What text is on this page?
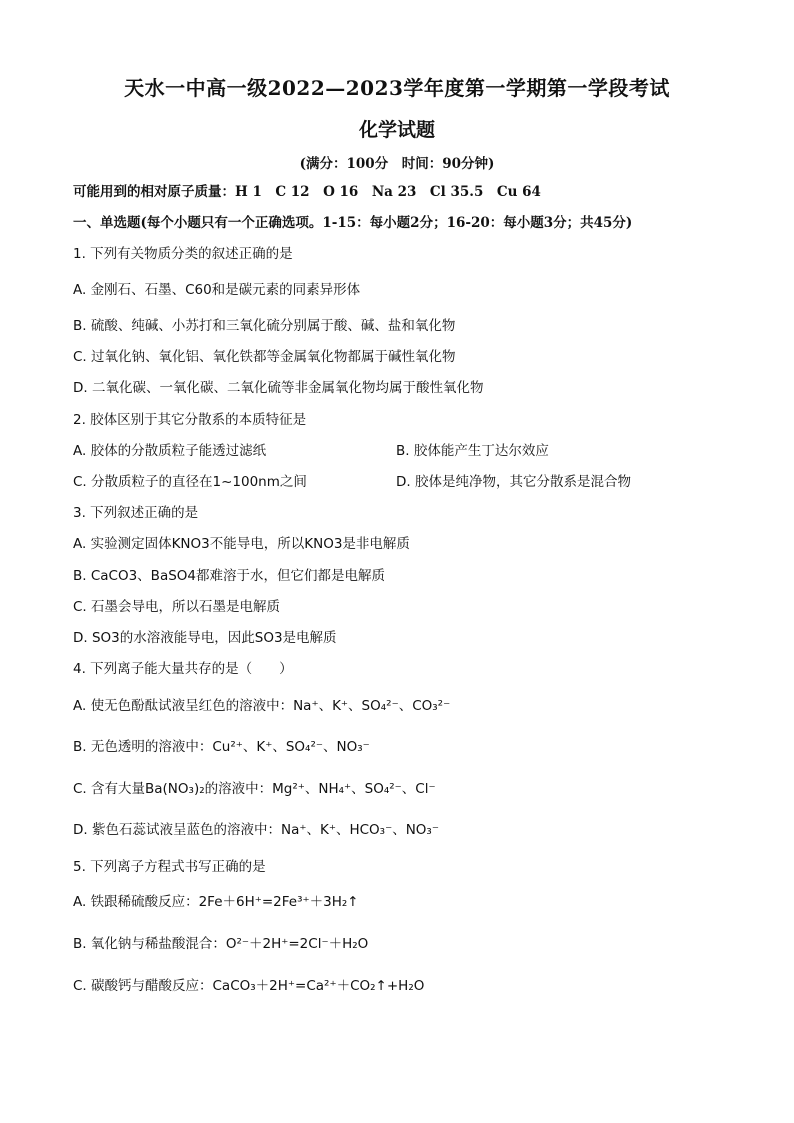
天水一中高一级2022—2023学年度第一学期第一学段考试
化学试题
(满分：100分　时间：90分钟)
可能用到的相对原子质量：H 1　C 12　O 16　Na 23　Cl 35.5　Cu 64
一、单选题(每个小题只有一个正确选项。1-15：每小题2分；16-20：每小题3分；共45分)
1. 下列有关物质分类的叙述正确的是
A. 金刚石、石墨、C60和是碳元素的同素异形体
B. 硫酸、纯碱、小苏打和三氧化硫分别属于酸、碱、盐和氧化物
C. 过氧化钠、氧化铝、氧化铁都等金属氧化物都属于碱性氧化物
D. 二氧化碳、一氧化碳、二氧化硫等非金属氧化物均属于酸性氧化物
2. 胶体区别于其它分散系的本质特征是
A. 胶体的分散质粒子能透过滤纸	B. 胶体能产生丁达尔效应
C. 分散质粒子的直径在1~100nm之间	D. 胶体是纯净物，其它分散系是混合物
3. 下列叙述正确的是
A. 实验测定固体KNO3不能导电，所以KNO3是非电解质
B. CaCO3、BaSO4都难溶于水，但它们都是电解质
C. 石墨会导电，所以石墨是电解质
D. SO3的水溶液能导电，因此SO3是电解质
4. 下列离子能大量共存的是（　　）
A. 使无色酚酞试液呈红色的溶液中：Na⁺、K⁺、SO₄²⁻、CO₃²⁻
B. 无色透明的溶液中：Cu²⁺、K⁺、SO₄²⁻、NO₃⁻
C. 含有大量Ba(NO₃)₂的溶液中：Mg²⁺、NH₄⁺、SO₄²⁻、Cl⁻
D. 紫色石蕊试液呈蓝色的溶液中：Na⁺、K⁺、HCO₃⁻、NO₃⁻
5. 下列离子方程式书写正确的是
A. 铁跟稀硫酸反应：2Fe＋6H⁺=2Fe³⁺＋3H₂↑
B. 氧化钠与稀盐酸混合：O²⁻＋2H⁺=2Cl⁻＋H₂O
C. 碳酸钙与醋酸反应：CaCO₃＋2H⁺=Ca²⁺＋CO₂↑+H₂O
